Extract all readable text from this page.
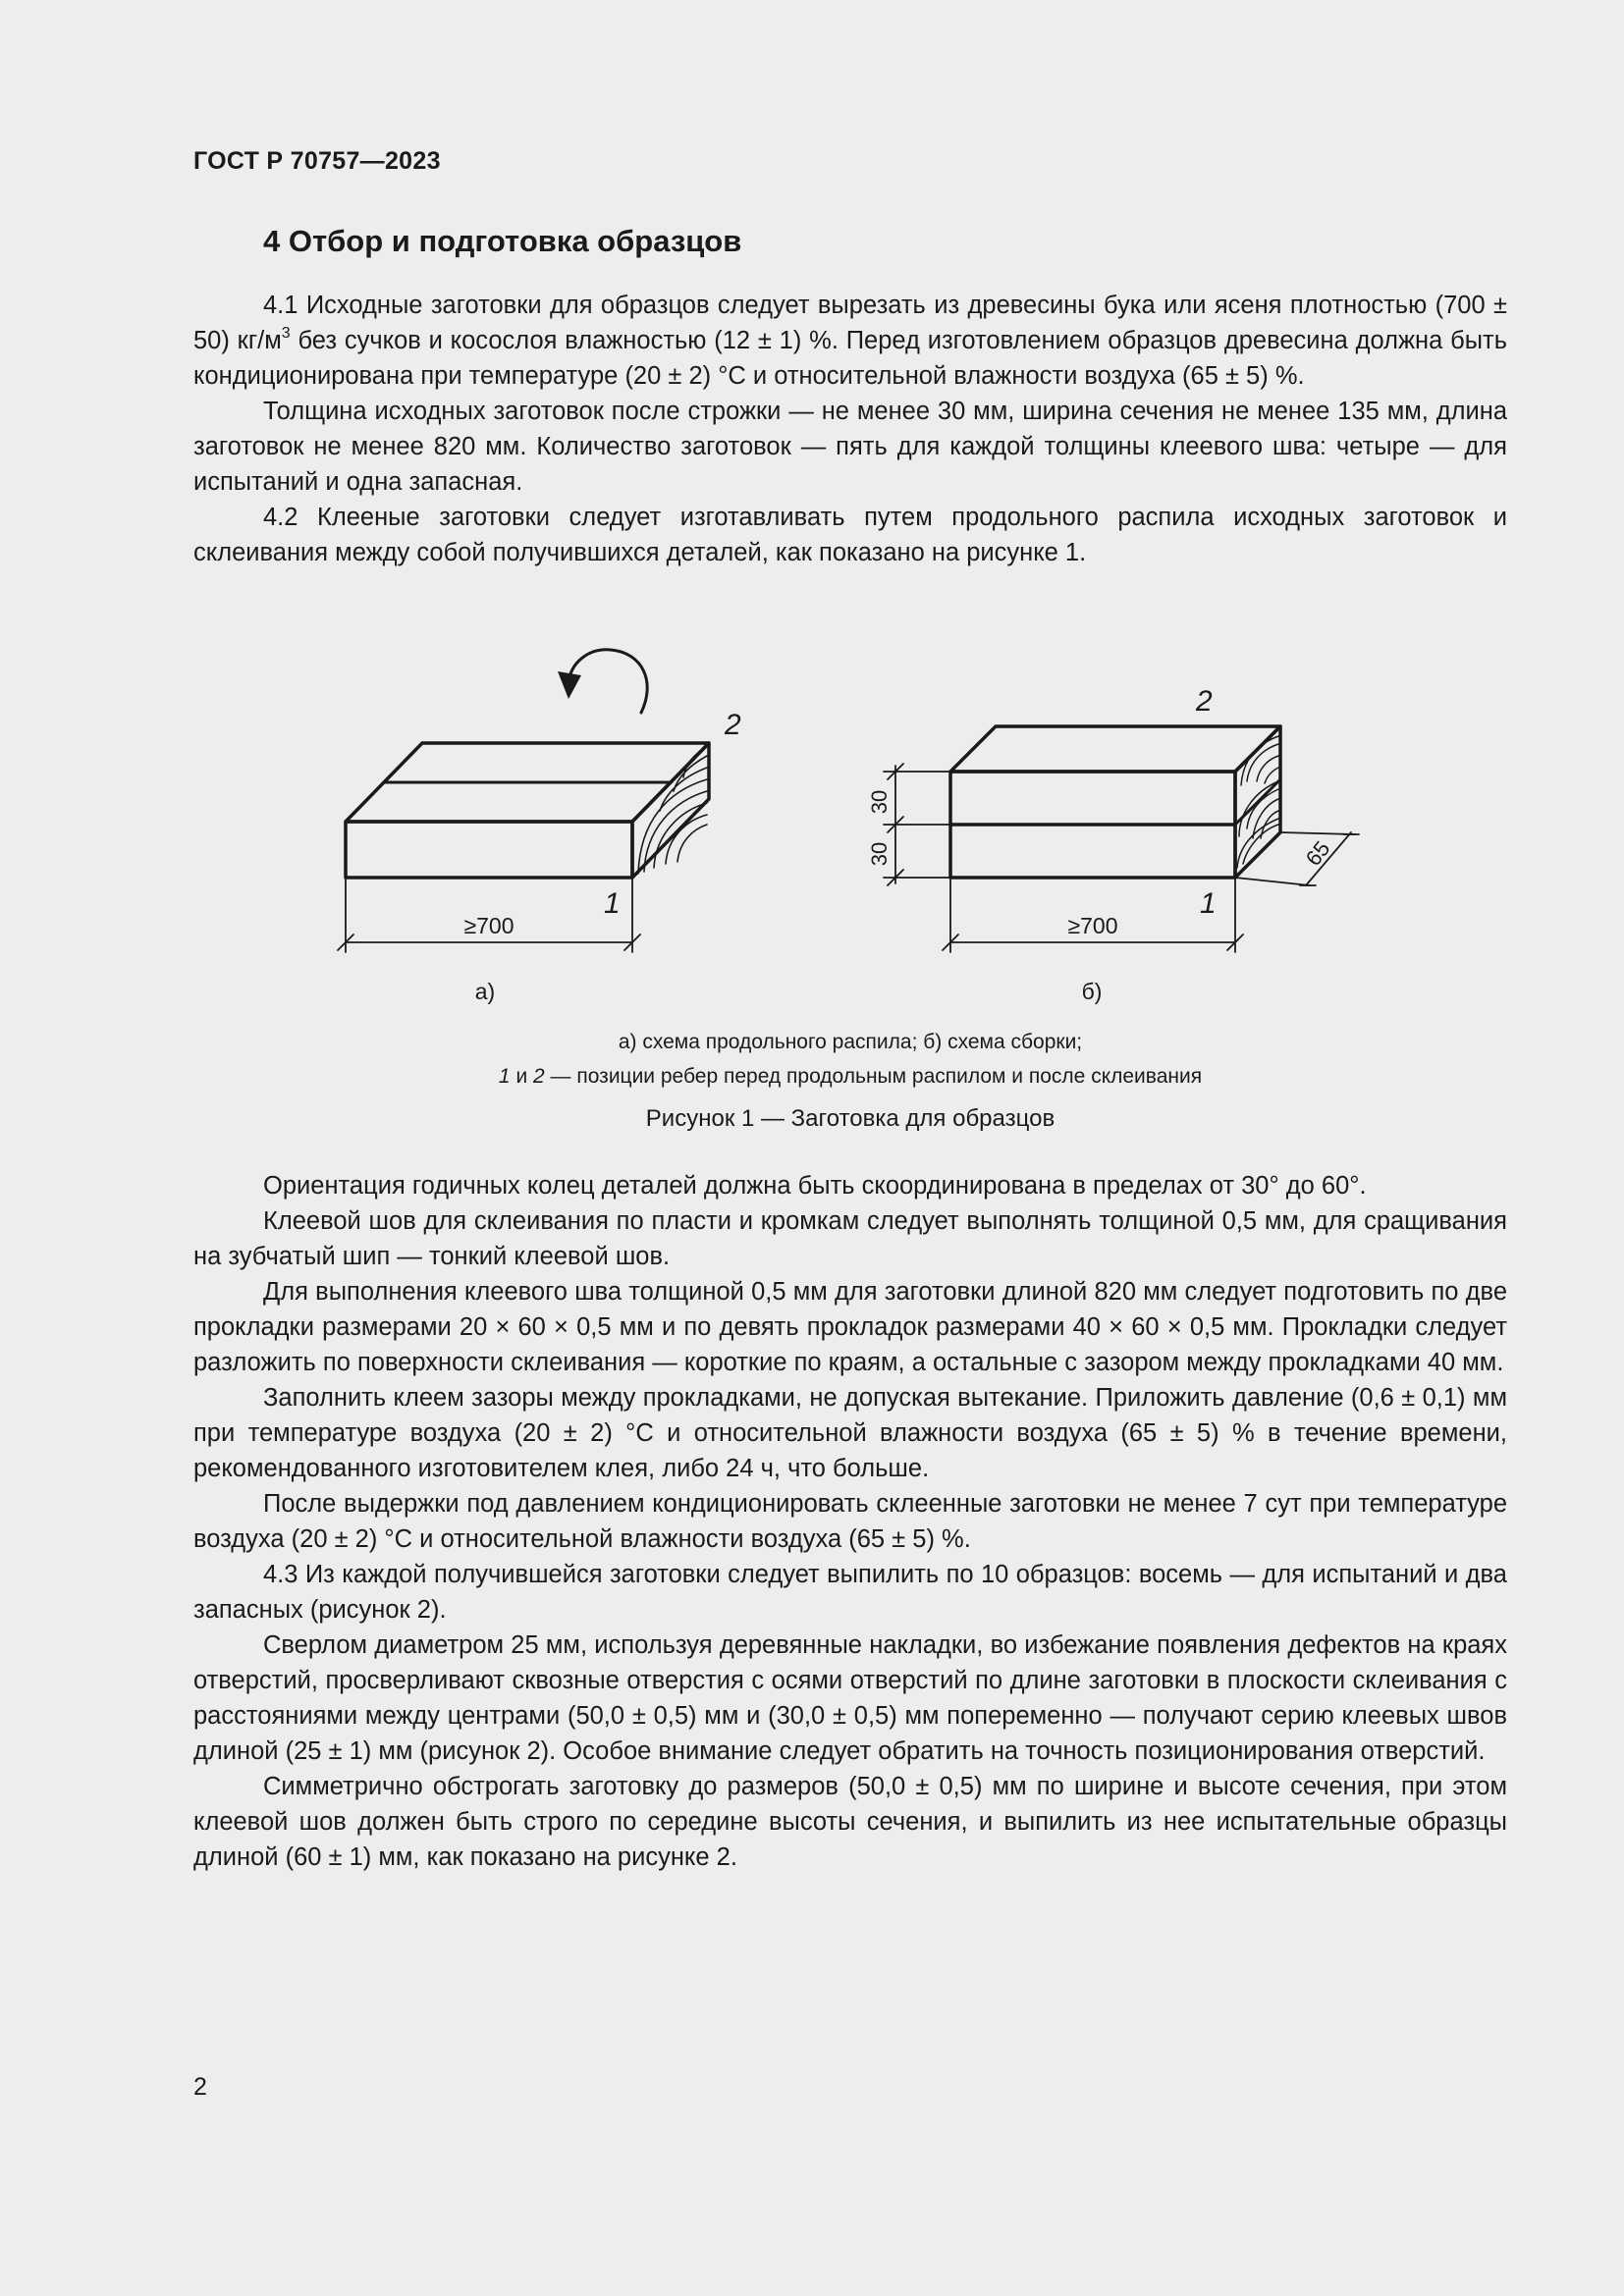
ГОСТ Р 70757—2023
4 Отбор и подготовка образцов

4.1 Исходные заготовки для образцов следует вырезать из древесины бука или ясеня плотностью (700 ± 50) $кг/м^3$ без сучков и косослоя влажностью (12 ± 1) %. Перед изготовлением образцов древесина должна быть кондиционирована при температуре (20 ± 2) °С и относительной влажности воздуха (65 ± 5) %.

Толщина исходных заготовок после строжки — не менее 30 мм, ширина сечения не менее 135 мм, длина заготовок не менее 820 мм. Количество заготовок — пять для каждой толщины клеевого шва: четыре — для испытаний и одна запасная.

4.2 Клееные заготовки следует изготавливать путем продольного распила исходных заготовок и склеивания между собой получившихся деталей, как показано на рисунке 1.

≥700
1
2
а)
30
30	65
≥700
1
2
б)
а) схема продольного распила; б) схема сборки;
1 и 2 — позиции ребер перед продольным распилом и после склеивания
Рисунок 1 — Заготовка для образцов

Ориентация годичных колец деталей должна быть скоординирована в пределах от 30° до 60°.

Клеевой шов для склеивания по пласти и кромкам следует выполнять толщиной 0,5 мм, для сращивания на зубчатый шип — тонкий клеевой шов.

Для выполнения клеевого шва толщиной 0,5 мм для заготовки длиной 820 мм следует подготовить по две прокладки размерами 20 × 60 × 0,5 мм и по девять прокладок размерами 40 × 60 × 0,5 мм. Прокладки следует разложить по поверхности склеивания — короткие по краям, а остальные с зазором между прокладками 40 мм.

Заполнить клеем зазоры между прокладками, не допуская вытекание. Приложить давление (0,6 ± 0,1) мм при температуре воздуха (20 ± 2) °С и относительной влажности воздуха (65 ± 5) % в течение времени, рекомендованного изготовителем клея, либо 24 ч, что больше.

После выдержки под давлением кондиционировать склеенные заготовки не менее 7 сут при температуре воздуха (20 ± 2) °С и относительной влажности воздуха (65 ± 5) %.

4.3 Из каждой получившейся заготовки следует выпилить по 10 образцов: восемь — для испытаний и два запасных (рисунок 2).

Сверлом диаметром 25 мм, используя деревянные накладки, во избежание появления дефектов на краях отверстий, просверливают сквозные отверстия с осями отверстий по длине заготовки в плоскости склеивания с расстояниями между центрами (50,0 ± 0,5) мм и (30,0 ± 0,5) мм попеременно — получают серию клеевых швов длиной (25 ± 1) мм (рисунок 2). Особое внимание следует обратить на точность позиционирования отверстий.

Симметрично обстрогать заготовку до размеров (50,0 ± 0,5) мм по ширине и высоте сечения, при этом клеевой шов должен быть строго по середине высоты сечения, и выпилить из нее испытательные образцы длиной (60 ± 1) мм, как показано на рисунке 2.

2
